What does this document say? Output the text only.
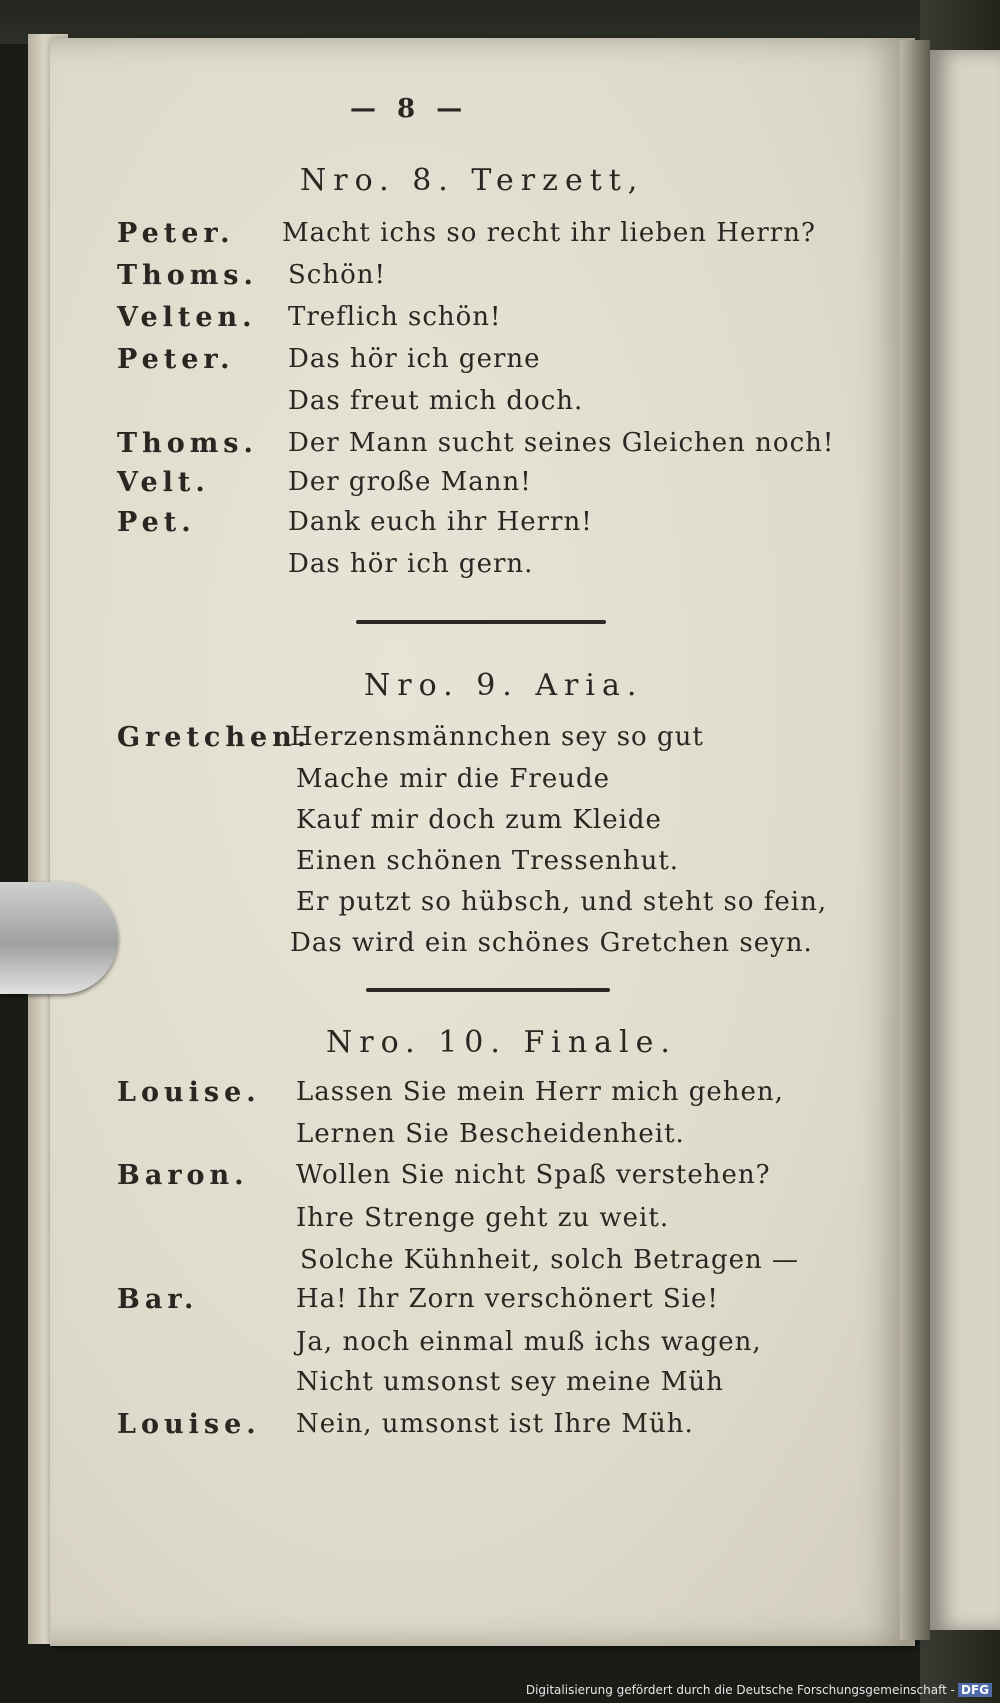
— 8 —
Nro. 8. Terzett,
Peter. Macht ichs so recht ihr lieben Herrn?
Thoms. Schön!
Velten. Treflich schön!
Peter. Das hör ich gerne
Das freut mich doch.
Thoms. Der Mann sucht seines Gleichen noch!
Velt.	Der große Mann!
Pet.	Dank euch ihr Herrn!
Das hör ich gern.
Nro. 9. Aria.
Gretchen.
Herzensmännchen sey so gut
Mache mir die Freude
Kauf mir doch zum Kleide
Einen schönen Tressenhut.
Er putzt so hübsch, und steht so fein,
Das wird ein schönes Gretchen seyn.
Nro. 10. Finale.
Louise. Lassen Sie mein Herr mich gehen,
Lernen Sie Bescheidenheit.
Baron. Wollen Sie nicht Spaß verstehen?
Ihre Strenge geht zu weit.
Solche Kühnheit, solch Betragen —
Bar.	Ha! Ihr Zorn verschönert Sie!
Ja, noch einmal muß ichs wagen,
Nicht umsonst sey meine Müh
Louise. Nein, umsonst ist Ihre Müh.
Digitalisierung gefördert durch die Deutsche Forschungsgemeinschaft - DFG
